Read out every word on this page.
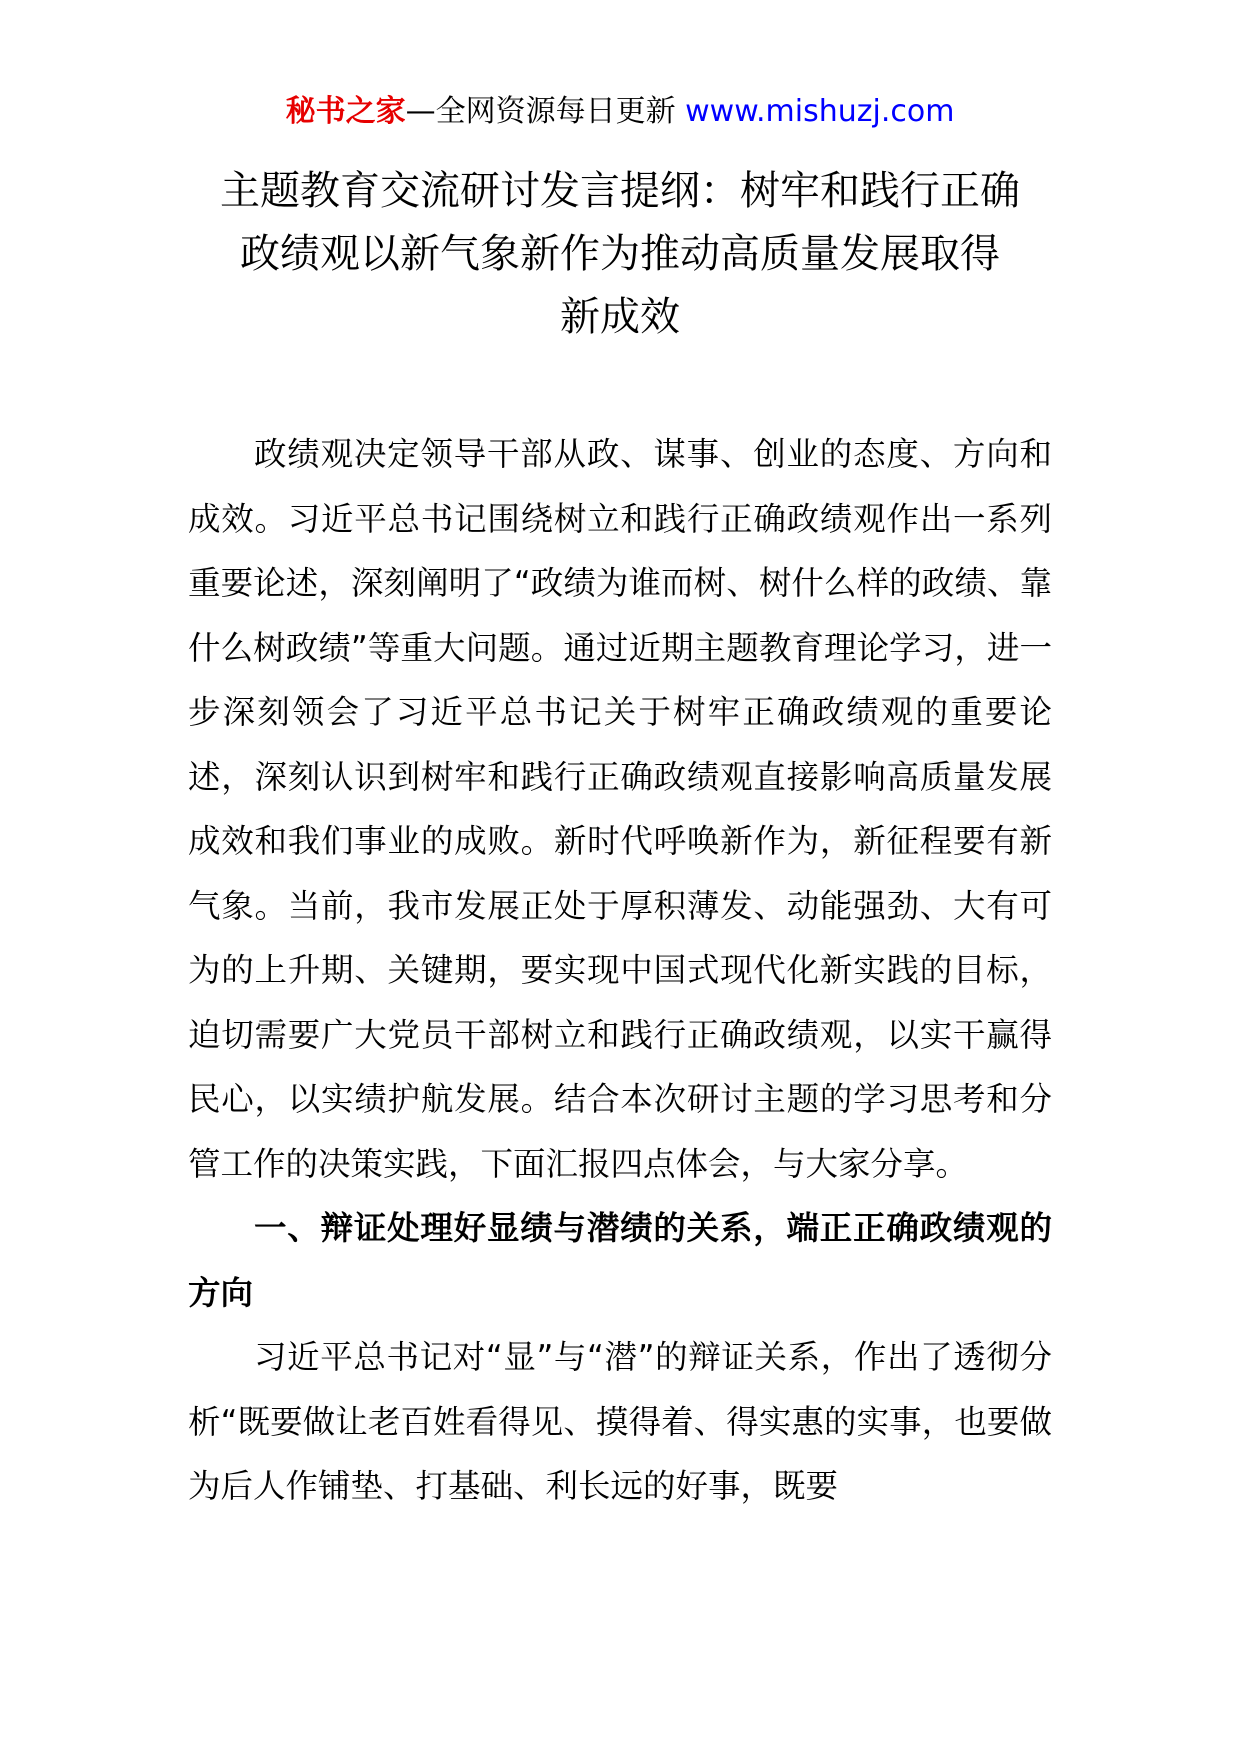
秘书之家—全网资源每日更新 www.mishuzj.com
主题教育交流研讨发言提纲：树牢和践行正确
政绩观以新气象新作为推动高质量发展取得
新成效

政绩观决定领导干部从政、谋事、创业的态度、方向和成效。习近平总书记围绕树立和践行正确政绩观作出一系列重要论述，深刻阐明了“政绩为谁而树、树什么样的政绩、靠什么树政绩”等重大问题。通过近期主题教育理论学习，进一步深刻领会了习近平总书记关于树牢正确政绩观的重要论述，深刻认识到树牢和践行正确政绩观直接影响高质量发展成效和我们事业的成败。新时代呼唤新作为，新征程要有新气象。当前，我市发展正处于厚积薄发、动能强劲、大有可为的上升期、关键期，要实现中国式现代化新实践的目标，迫切需要广大党员干部树立和践行正确政绩观，以实干赢得民心，以实绩护航发展。结合本次研讨主题的学习思考和分管工作的决策实践，下面汇报四点体会，与大家分享。

一、辩证处理好显绩与潜绩的关系，端正正确政绩观的方向

习近平总书记对“显”与“潜”的辩证关系，作出了透彻分析“既要做让老百姓看得见、摸得着、得实惠的实事，也要做为后人作铺垫、打基础、利长远的好事，既要
